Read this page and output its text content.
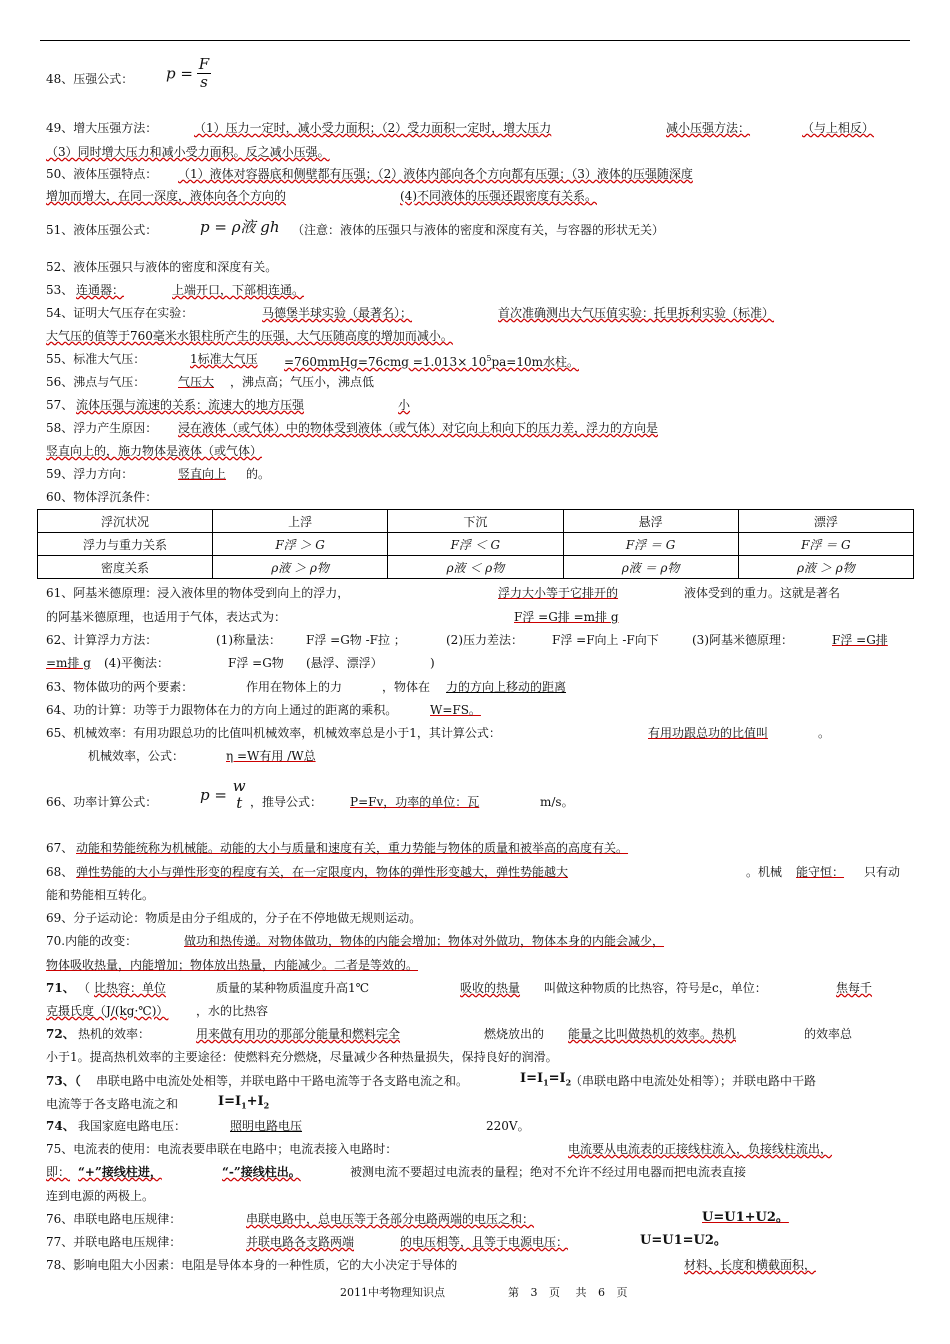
48、压强公式： $p = \frac{F}{s}$
49、增大压强方法：	（1）压力一定时，减小受力面积；（2）受力面积一定时，增大压力	减小压强方法：	（与上相反）
（3）同时增大压力和减小受力面积。反之减小压强。
50、液体压强特点： （1）液体对容器底和侧壁都有压强；（2）液体内部向各个方向都有压强；（3）液体的压强随深度
增加而增大，在同一深度，液体向各个方向的	(4)不同液体的压强还跟密度有关系。
51、液体压强公式：	p = ρ液 gh （注意：液体的压强只与液体的密度和深度有关，与容器的形状无关）
52、液体压强只与液体的密度和深度有关。
53、 连通器：	上端开口，下部相连通。
54、证明大气压存在实验：	马德堡半球实验（最著名）；	首次准确测出大气压值实验：托里拆利实验（标准）
大气压的值等于760毫米水银柱所产生的压强，大气压随高度的增加而减小。
55、标准大气压：	1标准大气压 =760mmHg=76cmg $=1.013\times 10^5pa=10m$水柱。
56、沸点与气压：	气压大 ，沸点高；气压小，沸点低
57、 流体压强与流速的关系：流速大的地方压强	小
58、浮力产生原因： 浸在液体（或气体）中的物体受到液体（或气体）对它向上和向下的压力差，浮力的方向是
竖直向上的，施力物体是液体（或气体）
59、浮力方向：	竖直向上 的。
60、物体浮沉条件：
浮沉状况	上浮	下沉	悬浮	漂浮
浮力与重力关系	F浮 ＞ G	F浮 ＜ G	F浮 ＝ G	F浮 ＝ G
密度关系	ρ液 ＞ ρ物	ρ液 ＜ ρ物	ρ液 ＝ ρ物	ρ液 ＞ ρ物
61、阿基米德原理：浸入液体里的物体受到向上的浮力，	浮力大小等于它排开的	液体受到的重力。这就是著名
的阿基米德原理，也适用于气体，表达式为：	F浮 =G排 =m排 g
62、计算浮力方法：	(1)称量法： F浮 =G物 -F拉 ；	(2)压力差法： F浮 =F向上 -F向下	(3)阿基米德原理：	F浮 =G排
=m排 g (4)平衡法：	F浮 =G物 (悬浮、漂浮）	)
63、物体做功的两个要素：	作用在物体上的力	，物体在 力的方向上移动的距离
64、功的计算：功等于力跟物体在力的方向上通过的距离的乘积。	W=FS。
65、机械效率：有用功跟总功的比值叫机械效率，机械效率总是小于1，其计算公式：	有用功跟总功的比值叫	。
机械效率，公式：	η =W有用 /W总
66、功率计算公式：	p = w
t ，推导公式： P=Fv，功率的单位：瓦	m/s。
67、 动能和势能统称为机械能。动能的大小与质量和速度有关，重力势能与物体的质量和被举高的高度有关。
68、 弹性势能的大小与弹性形变的程度有关，在一定限度内，物体的弹性形变越大，弹性势能越大	。机械 能守恒： 只有动
能和势能相互转化。
69、分子运动论：物质是由分子组成的，分子在不停地做无规则运动。
70.内能的改变：	做功和热传递。对物体做功，物体的内能会增加；物体对外做功，物体本身的内能会减少，
物体吸收热量，内能增加；物体放出热量，内能减少。二者是等效的。
71、 （ 比热容：单位	质量的某种物质温度升高1℃	吸收的热量 叫做这种物质的比热容，符号是c，单位：	焦每千
克摄氏度（J/(kg·℃)） ，水的比热容
72、 热机的效率：	用来做有用功的那部分能量和燃料完全	燃烧放出的 能量之比叫做热机的效率。热机	的效率总
小于1。提高热机效率的主要途径：使燃料充分燃烧，尽量减少各种热量损失，保持良好的润滑。
73、（ 串联电路中电流处处相等，并联电路中干路电流等于各支路电流之和。	$I=I_1=I_2$
（串联电路中电流处处相等）；并联电路中干路
电流等于各支路电流之和	$I=I_1+I_2$
74、 我国家庭电路电压：	照明电路电压	220V。
75、电流表的使用：电流表要串联在电路中；电流表接入电路时：	电流要从电流表的正接线柱流入，负接线柱流出，
即： “+”接线柱进，	“-”接线柱出。	被测电流不要超过电流表的量程；绝对不允许不经过用电器而把电流表直接
连到电源的两极上。
76、串联电路电压规律：	串联电路中，总电压等于各部分电路两端的电压之和：	U=U1+U2。
77、并联电路电压规律：	并联电路各支路两端	的电压相等，且等于电源电压：	U=U1=U2。
78、影响电阻大小因素：电阻是导体本身的一种性质，它的大小决定于导体的	材料、长度和横截面积，
2011中考物理知识点	第 3 页 共 6 页
